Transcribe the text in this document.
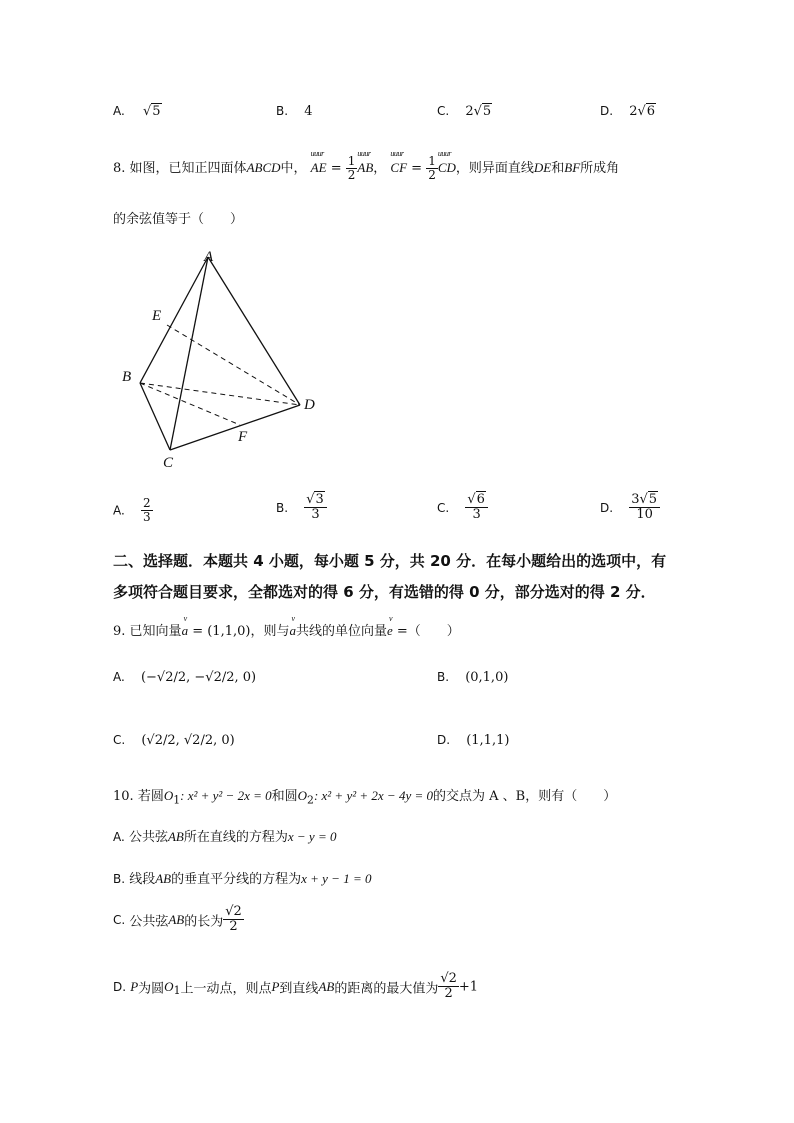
A. √5	B. 4	C. 2√5	D. 2√6
8. 如图，已知正四面体ABCD中，
uuur
AE = $\frac{1}{2}$
uuur
AB，
uuur
CF = $\frac{1}{2}$
uuur
CD，则异面直线DE和BF所成角
的余弦值等于（　　）
A
E
B
D
F
C
A. $\frac{2}{3}$	B. $\frac{√3}{3}$	C. $\frac{√6}{3}$	D. $\frac{3√5}{10}$
二、选择题．本题共 4 小题，每小题 5 分，共 20 分．在每小题给出的选项中，有
多项符合题目要求，全都选对的得 6 分，有选错的得 0 分，部分选对的得 2 分．
9. 已知向量
v
a = (1,1,0)，则与
v
a共线的单位向量
v
e =（　　）
A. (−√2/2, −√2/2, 0)	B. (0,1,0)
C. (√2/2, √2/2, 0)	D. (1,1,1)
10. 若圆$O_1$: x² + y² − 2x = 0和圆$O_2$: x² + y² + 2x − 4y = 0的交点为 A 、B，则有（　　）
A. 公共弦AB所在直线的方程为x − y = 0
B. 线段AB的垂直平分线的方程为x + y − 1 = 0
C. 公共弦AB的长为 $\frac{√2}{2}$
D. P为圆$O_1$上一动点，则点P到直线AB的距离的最大值为 $\frac{√2}{2} +1$
